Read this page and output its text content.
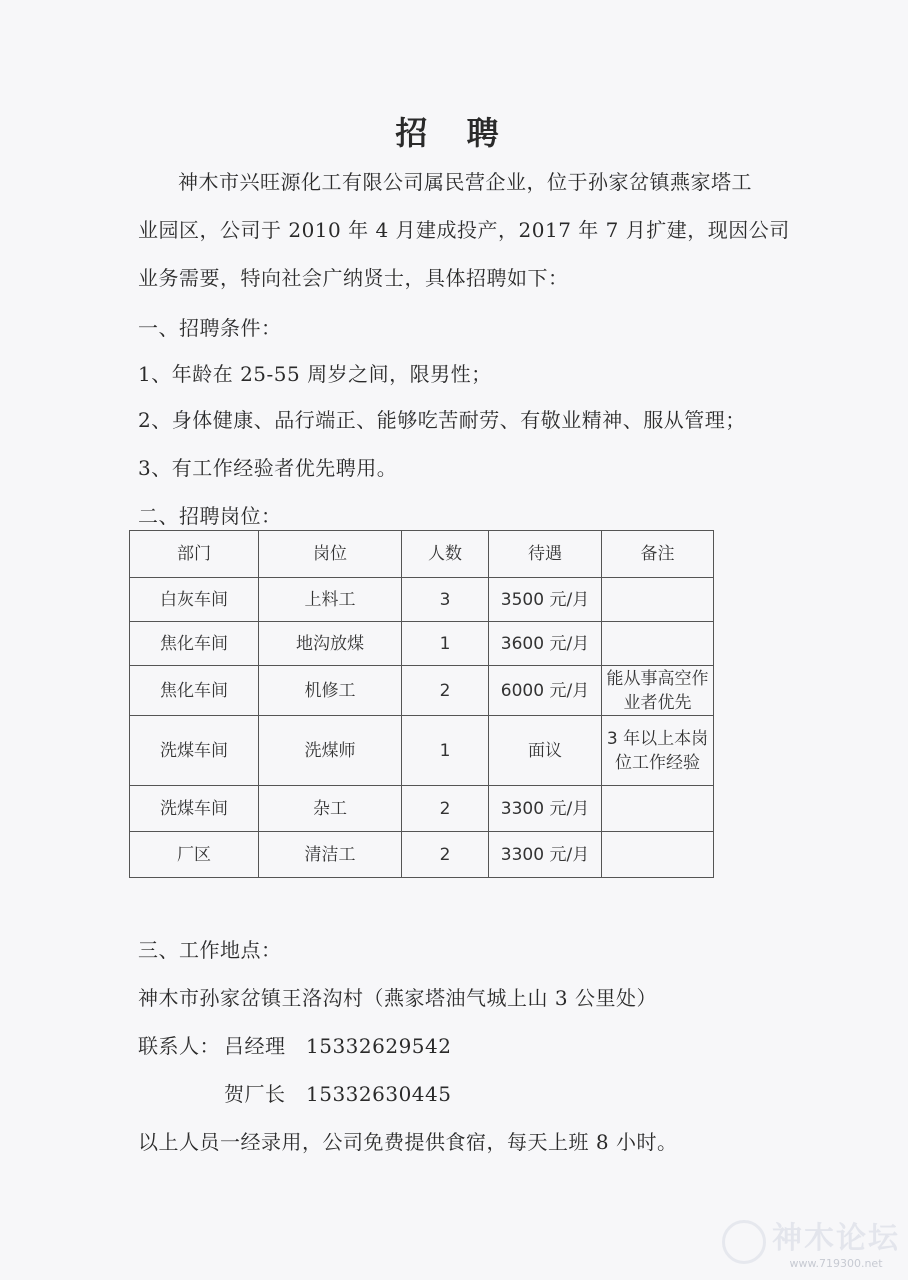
招 聘
神木市兴旺源化工有限公司属民营企业，位于孙家岔镇燕家塔工
业园区，公司于 2010 年 4 月建成投产，2017 年 7 月扩建，现因公司
业务需要，特向社会广纳贤士，具体招聘如下：
一、招聘条件：
1、年龄在 25-55 周岁之间，限男性；
2、身体健康、品行端正、能够吃苦耐劳、有敬业精神、服从管理；
3、有工作经验者优先聘用。
二、招聘岗位：
部门	岗位	人数	待遇	备注
白灰车间	上料工	3	3500 元/月	
焦化车间	地沟放煤	1	3600 元/月	
焦化车间	机修工	2	6000 元/月	能从事高空作业者优先
洗煤车间	洗煤师	1	面议	3 年以上本岗位工作经验
洗煤车间	杂工	2	3300 元/月	
厂区	清洁工	2	3300 元/月	
三、工作地点：
神木市孙家岔镇王洛沟村（燕家塔油气城上山 3 公里处）
联系人： 吕经理　15332629542
贺厂长　15332630445
以上人员一经录用，公司免费提供食宿，每天上班 8 小时。
神木论坛
www.719300.net
